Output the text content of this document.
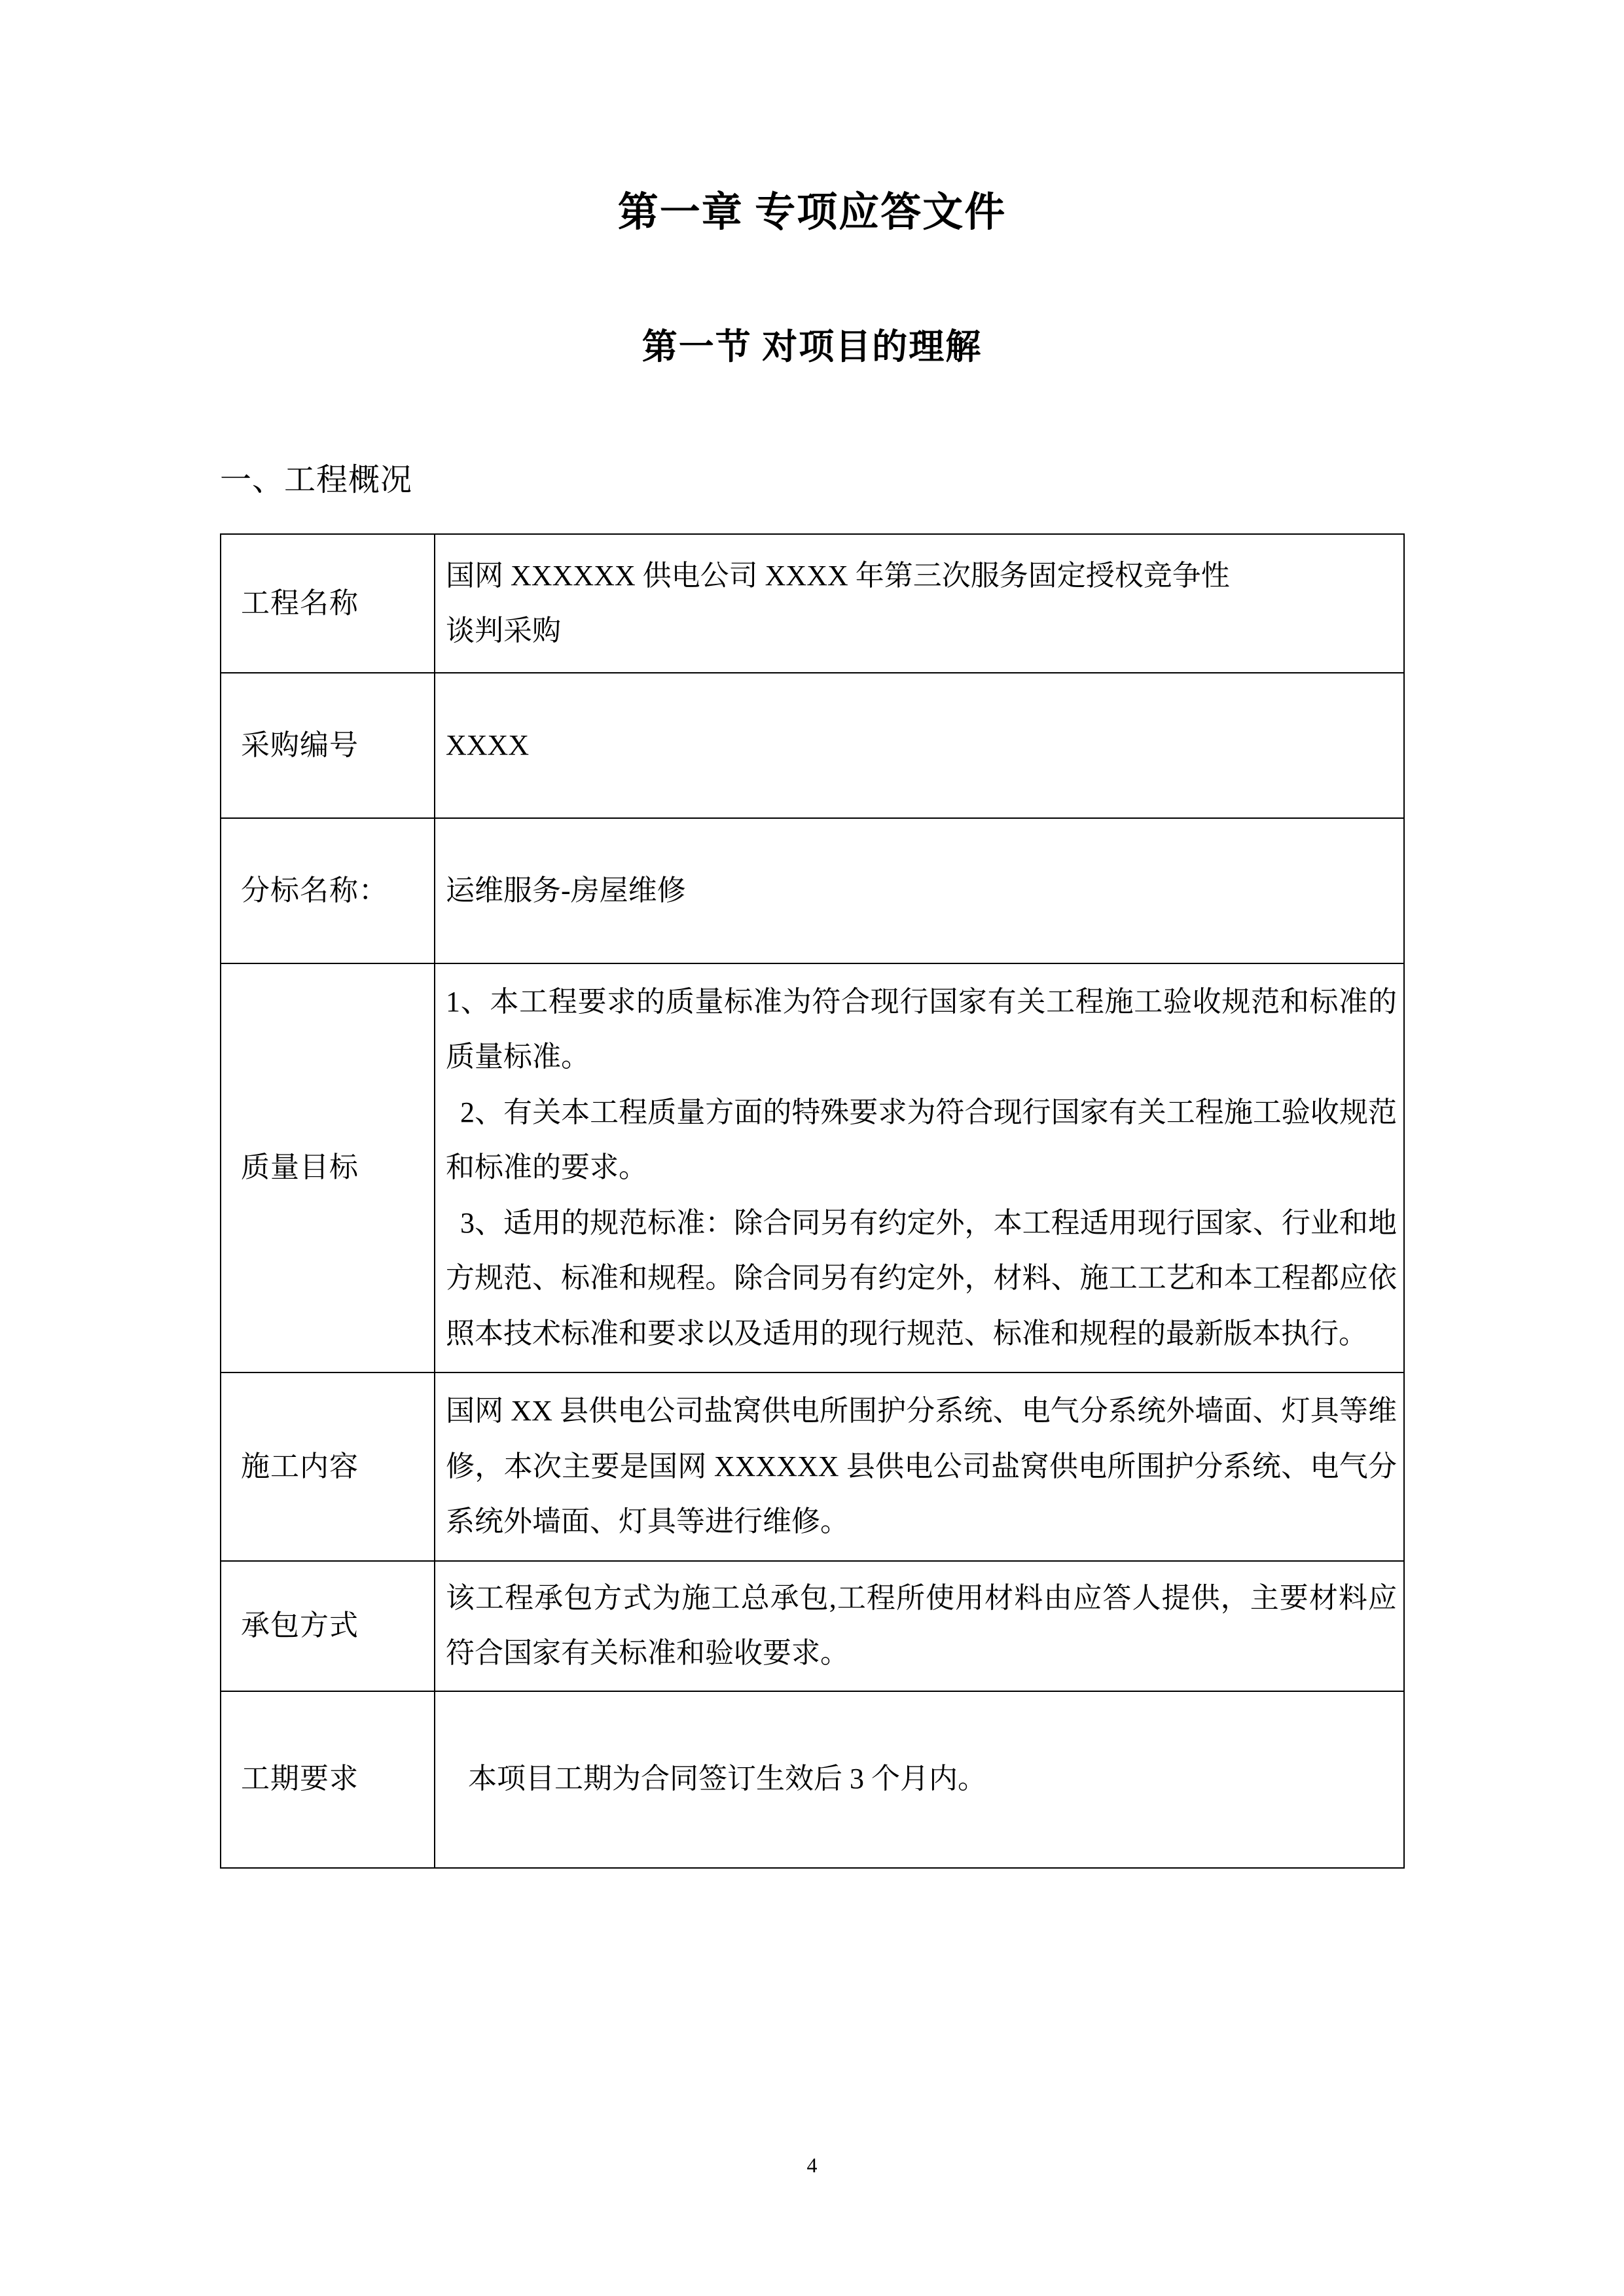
第一章 专项应答文件
第一节 对项目的理解
一、工程概况
工程名称	国网 XXXXXX 供电公司 XXXX 年第三次服务固定授权竞争性

谈判采购

采购编号	XXXX

分标名称：	运维服务-房屋维修

质量目标	1、本工程要求的质量标准为符合现行国家有关工程施工验收规范和标准的质量标准。

2、有关本工程质量方面的特殊要求为符合现行国家有关工程施工验收规范和标准的要求。

3、适用的规范标准：除合同另有约定外，本工程适用现行国家、行业和地方规范、标准和规程。除合同另有约定外，材料、施工工艺和本工程都应依照本技术标准和要求以及适用的现行规范、标准和规程的最新版本执行。

施工内容	国网 XX 县供电公司盐窝供电所围护分系统、电气分系统外墙面、灯具等维修，本次主要是国网 XXXXXX 县供电公司盐窝供电所围护分系统、电气分系统外墙面、灯具等进行维修。

承包方式	该工程承包方式为施工总承包,工程所使用材料由应答人提供，主要材料应符合国家有关标准和验收要求。

工期要求	本项目工期为合同签订生效后 3 个月内。

4
